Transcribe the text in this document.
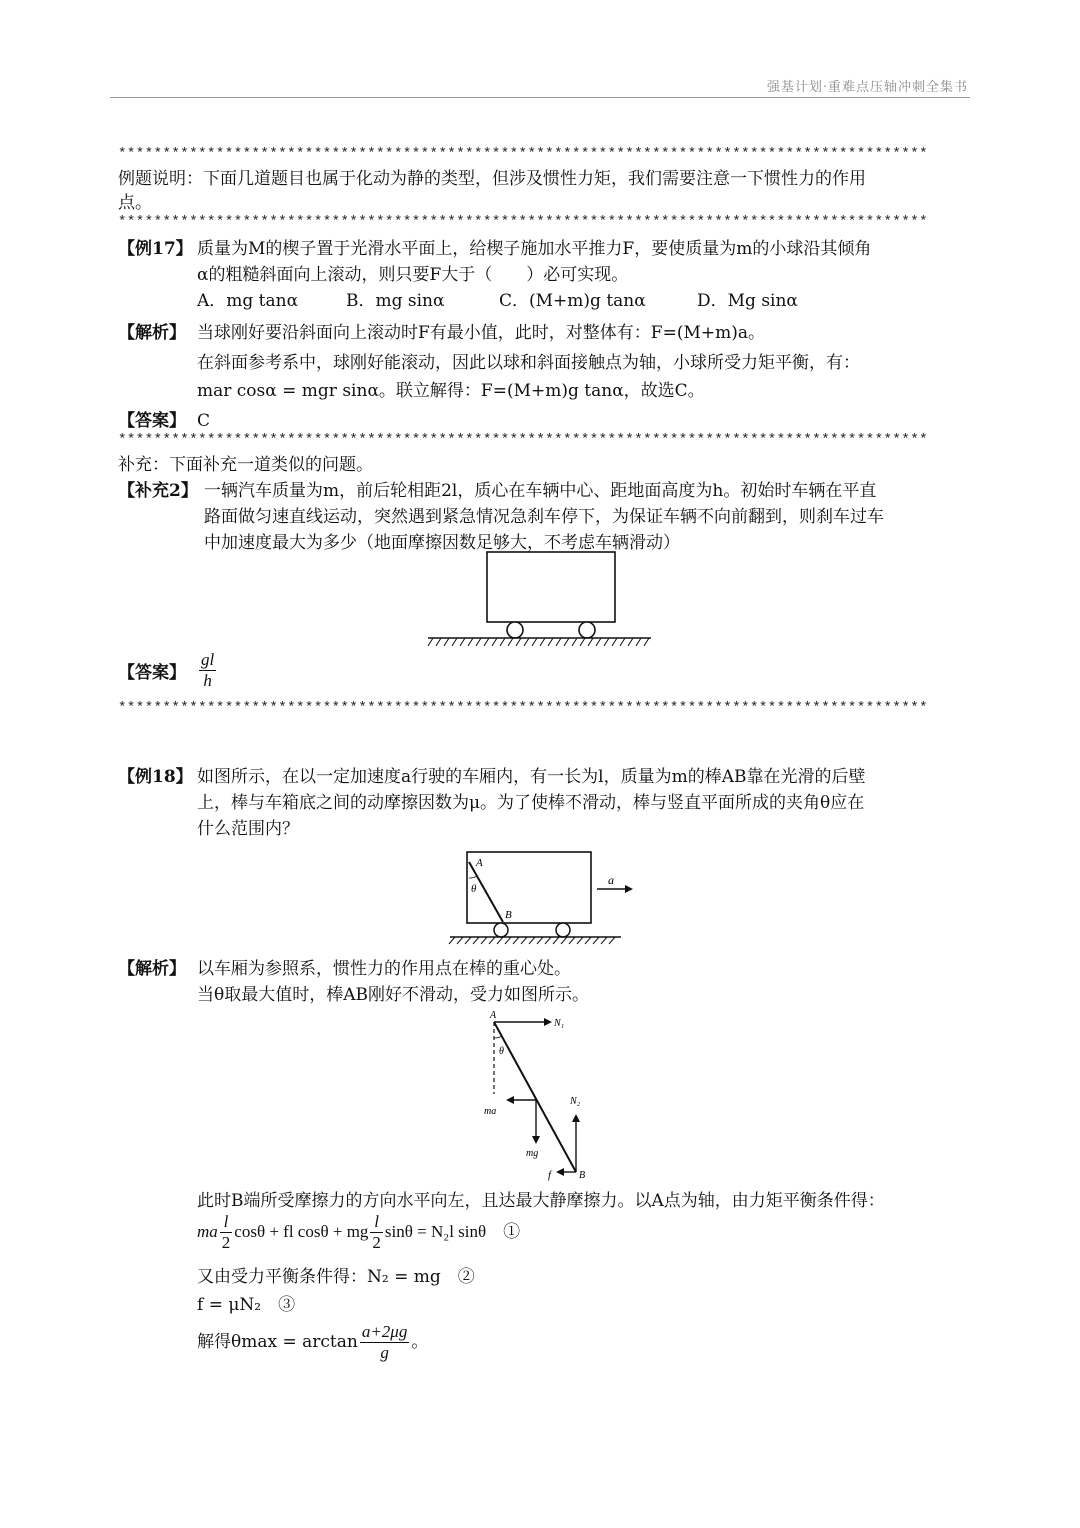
强基计划·重难点压轴冲刺全集书
*******************************************************************************************
例题说明：下面几道题目也属于化动为静的类型，但涉及惯性力矩，我们需要注意一下惯性力的作用
点。
*******************************************************************************************
【例17】 质量为M的楔子置于光滑水平面上，给楔子施加水平推力F，要使质量为m的小球沿其倾角
α的粗糙斜面向上滚动，则只要F大于（　　）必可实现。
A．mg tanα	B．mg sinα	C．(M+m)g tanα	D．Mg sinα
【解析】 当球刚好要沿斜面向上滚动时F有最小值，此时，对整体有：F=(M+m)a。
在斜面参考系中，球刚好能滚动，因此以球和斜面接触点为轴，小球所受力矩平衡，有：
mar cosα = mgr sinα。联立解得：F=(M+m)g tanα，故选C。
【答案】 C
*******************************************************************************************
补充：下面补充一道类似的问题。
【补充2】 一辆汽车质量为m，前后轮相距2l，质心在车辆中心、距地面高度为h。初始时车辆在平直
路面做匀速直线运动，突然遇到紧急情况急刹车停下，为保证车辆不向前翻到，则刹车过车
中加速度最大为多少（地面摩擦因数足够大，不考虑车辆滑动）
【答案】 $\frac{gl}{h}$
*******************************************************************************************
【例18】 如图所示，在以一定加速度a行驶的车厢内，有一长为l，质量为m的棒AB靠在光滑的后壁
上，棒与车箱底之间的动摩擦因数为μ。为了使棒不滑动，棒与竖直平面所成的夹角θ应在
什么范围内？
A
θ
B
a
【解析】 以车厢为参照系，惯性力的作用点在棒的重心处。
当θ取最大值时，棒AB刚好不滑动，受力如图所示。
θ
A
N₁
ma
mg
N₂
f	B
此时B端所受摩擦力的方向水平向左，且达最大静摩擦力。以A点为轴，由力矩平衡条件得：
ma $\frac{l}{2}$ cosθ + fl cosθ + mg $\frac{l}{2}$ sinθ = N₂l sinθ　①
又由受力平衡条件得：N₂ = mg　②
f = μN₂　③
解得$\theta\max = \arctan \frac{a+2\mu g}{g}$ 。
